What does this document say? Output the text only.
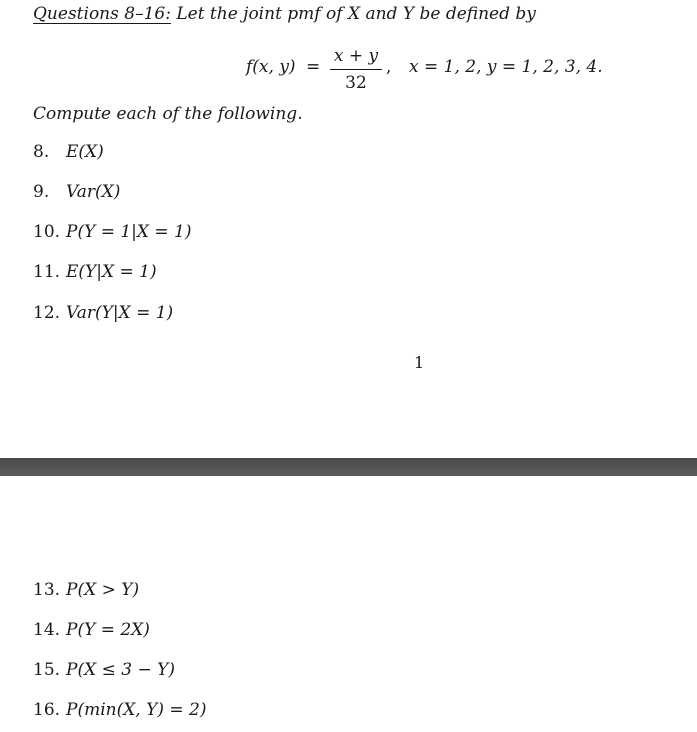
Questions 8–16: Let the joint pmf of X and Y be defined by
f(x, y) =
x + y
32
, x = 1, 2, y = 1, 2, 3, 4.
Compute each of the following.
8. E(X)
9. Var(X)
10. P(Y = 1|X = 1)
11. E(Y|X = 1)
12. Var(Y|X = 1)
1
13. P(X > Y)
14. P(Y = 2X)
15. P(X ≤ 3 − Y)
16. P(min(X, Y) = 2)
